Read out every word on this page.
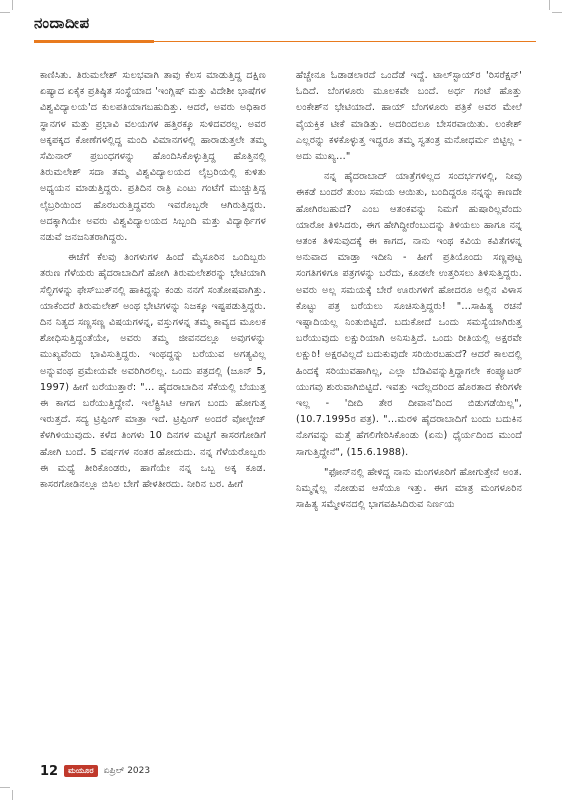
ನಂದಾದೀಪ

ಕಾಣಿಸಿತು. ತಿರುಮಲೇಶ್ ಸುಲಭವಾಗಿ ತಾವು ಕೆಲಸ ಮಾಡುತ್ತಿದ್ದ ದಕ್ಷಿಣ ಏಷ್ಯಾದ ಏಕೈಕ ಪ್ರತಿಷ್ಠಿತ ಸಂಸ್ಥೆಯಾದ 'ಇಂಗ್ಲಿಷ್ ಮತ್ತು ವಿದೇಶೀ ಭಾಷೆಗಳ ವಿಶ್ವವಿದ್ಯಾಲಯ'ದ ಕುಲಪತಿಯಾಗಬಹುದಿತ್ತು. ಆದರೆ, ಅವರು ಅಧಿಕಾರ ಸ್ಥಾನಗಳ ಮತ್ತು ಪ್ರಭಾವಿ ವಲಯಗಳ ಹತ್ತಿರಕ್ಕೂ ಸುಳಿದವರಲ್ಲ. ಅವರ ಅಕ್ಕಪಕ್ಕದ ಕೋಣೆಗಳಲ್ಲಿದ್ದ ಮಂದಿ ವಿಮಾನಗಳಲ್ಲಿ ಹಾರಾಡುತ್ತಲೇ ತಮ್ಮ ಸೆಮಿನಾರ್ ಪ್ರಬಂಧಗಳನ್ನು ಹೊಂದಿಸಿಕೊಳ್ಳುತ್ತಿದ್ದ ಹೊತ್ತಿನಲ್ಲಿ ತಿರುಮಲೇಶ್ ಸದಾ ತಮ್ಮ ವಿಶ್ವವಿದ್ಯಾಲಯದ ಲೈಬ್ರರಿಯಲ್ಲಿ ಕುಳಿತು ಅಧ್ಯಯನ ಮಾಡುತ್ತಿದ್ದರು. ಪ್ರತಿದಿನ ರಾತ್ರಿ ಎಂಟು ಗಂಟೆಗೆ ಮುಚ್ಚುತ್ತಿದ್ದ ಲೈಬ್ರರಿಯಿಂದ ಹೊರಬರುತ್ತಿದ್ದವರು ಇವರೊಬ್ಬರೇ ಆಗಿರುತ್ತಿದ್ದರು. ಅದಕ್ಕಾಗಿಯೇ ಅವರು ವಿಶ್ವವಿದ್ಯಾಲಯದ ಸಿಬ್ಬಂದಿ ಮತ್ತು ವಿದ್ಯಾರ್ಥಿಗಳ ನಡುವೆ ಜನಜನಿತರಾಗಿದ್ದರು.

ಈಚೆಗೆ ಕೆಲವು ತಿಂಗಳುಗಳ ಹಿಂದೆ ಮೈಸೂರಿನ ಒಂದಿಬ್ಬರು ತರುಣ ಗೆಳೆಯರು ಹೈದರಾಬಾದಿಗೆ ಹೋಗಿ ತಿರುಮಲೇಶರನ್ನು ಭೇಟಿಯಾಗಿ ಸೆಲ್ಫಿಗಳನ್ನು ಫೇಸ್‌ಬುಕ್‌ನಲ್ಲಿ ಹಾಕಿದ್ದನ್ನು ಕಂಡು ನನಗೆ ಸಂತೋಷವಾಗಿತ್ತು. ಯಾಕೆಂದರೆ ತಿರುಮಲೇಶ್ ಅಂಥ ಭೇಟಿಗಳನ್ನು ನಿಜಕ್ಕೂ ಇಷ್ಟಪಡುತ್ತಿದ್ದರು. ದಿನ ನಿತ್ಯದ ಸಣ್ಣಸಣ್ಣ ವಿಷಯಗಳನ್ನ, ವಸ್ತುಗಳನ್ನ ತಮ್ಮ ಕಾವ್ಯದ ಮೂಲಕ ಶೋಧಿಸುತ್ತಿದ್ದಂತೆಯೇ, ಅವರು ತಮ್ಮ ಜೀವನದಲ್ಲೂ ಅವುಗಳನ್ನು ಮುಖ್ಯವೆಂದು ಭಾವಿಸುತ್ತಿದ್ದರು. ಇಂಥದ್ದನ್ನು ಬರೆಯುವ ಅಗತ್ಯವಿಲ್ಲ ಅನ್ನುವಂಥ ಪ್ರಮೇಯವೇ ಅವರಿಗಿರಲಿಲ್ಲ. ಒಂದು ಪತ್ರದಲ್ಲಿ (ಜೂನ್ 5, 1997) ಹೀಗೆ ಬರೆಯುತ್ತಾರೆ: "... ಹೈದರಾಬಾದಿನ ಸೆಕೆಯಲ್ಲಿ ಬೆಯುತ್ತ ಈ ಕಾಗದ ಬರೆಯುತ್ತಿದ್ದೇನೆ. ಇಲೆಕ್ಟ್ರಿಸಿಟಿ ಆಗಾಗ ಬಂದು ಹೋಗುತ್ತ ಇರುತ್ತದೆ. ಸದ್ಯ ಟ್ರಿಪ್ಪಿಂಗ್ ಮಾತ್ರಾ ಇದೆ. ಟ್ರಿಪ್ಪಿಂಗ್ ಅಂದರೆ ವೋಲ್ಟೇಜ್ ಕೆಳಗಿಳಿಯುವುದು. ಕಳೆದ ತಿಂಗಳು 10 ದಿನಗಳ ಮಟ್ಟಿಗೆ ಕಾಸರಗೋಡಿಗೆ ಹೋಗಿ ಬಂದೆ. 5 ವರ್ಷಗಳ ನಂತರ ಹೋದುದು. ನನ್ನ ಗೆಳೆಯರೊಬ್ಬರು ಈ ಮಧ್ಯೆ ತೀರಿಕೊಂಡರು, ಹಾಗೆಯೇ ನನ್ನ ಒಬ್ಬ ಅಕ್ಕ ಕೂಡ. ಕಾಸರಗೋಡಿನಲ್ಲೂ ಬಿಸಿಲ ಬೇಗೆ ಹೇಳತೀರದು. ನೀರಿನ ಬರ. ಹೀಗೆ

ಹೆಚ್ಚೇನೂ ಓಡಾಡಲಾರದೆ ಒಂದೆಡೆ ಇದ್ದೆ. ಟಾಲ್‌ಸ್ಟಾಯ್‌ರ 'ರಿಸರೆಕ್ಷನ್' ಓದಿದೆ. ಬೆಂಗಳೂರು ಮೂಲಕವೇ ಬಂದೆ. ಅರ್ಧ ಗಂಟೆ ಹೊತ್ತು ಲಂಕೇಶ್‌ನ ಭೇಟಿಯಾದೆ. ಹಾಯ್ ಬೆಂಗಳೂರು ಪತ್ರಿಕೆ ಅವರ ಮೇಲೆ ವೈಯಕ್ತಿಕ ಟೀಕೆ ಮಾಡಿತ್ತು. ಅದರಿಂದಲೂ ಬೇಸರವಾಯಿತು. ಲಂಕೇಶ್ ಎಲ್ಲರನ್ನು ಕಳಕೊಳ್ಳುತ್ತ ಇದ್ದರೂ ತಮ್ಮ ಸ್ವತಂತ್ರ ಮನೋಧರ್ಮ ಬಿಟ್ಟಿಲ್ಲ - ಅದು ಮುಖ್ಯ..."

ನನ್ನ ಹೈದರಾಬಾದ್ ಯಾತ್ರೆಗಳಿಲ್ಲದ ಸಂದರ್ಭಗಳಲ್ಲಿ, ನೀವು ಈಕಡೆ ಬಂದರೆ ತುಂಬ ಸಮಯ ಆಯಿತು, ಬಂದಿದ್ದರೂ ನನ್ನನ್ನು ಕಾಣದೇ ಹೋಗಿರಬಹುದೆ? ಎಂಬ ಆತಂಕವನ್ನು ನಿಮಗೆ ಹುಷಾರಿಲ್ಲವೆಂದು ಯಾರೋ ತಿಳಿಸಿದರು, ಈಗ ಹೇಗಿದ್ದೀರೆಂಬುದನ್ನು ತಿಳಿಯಲು ಹಾಗೂ ನನ್ನ ಆತಂಕ ತಿಳಿಸುವುದಕ್ಕೆ ಈ ಕಾಗದ, ನಾನು ಇಂಥ ಕವಿಯ ಕವಿತೆಗಳನ್ನ ಅನುವಾದ ಮಾಡ್ತಾ ಇದೀನಿ - ಹೀಗೆ ಪ್ರತಿಯೊಂದು ಸಣ್ಣಪುಟ್ಟ ಸಂಗತಿಗಳಿಗೂ ಪತ್ರಗಳನ್ನು ಬರೆದು, ಕೂಡಲೇ ಉತ್ತರಿಸಲು ತಿಳಿಸುತ್ತಿದ್ದರು. ಅವರು ಅಲ್ಲ ಸಮಯಕ್ಕೆ ಬೇರೆ ಊರುಗಳಿಗೆ ಹೋದರೂ ಅಲ್ಲಿನ ವಿಳಾಸ ಕೊಟ್ಟು ಪತ್ರ ಬರೆಯಲು ಸೂಚಿಸುತ್ತಿದ್ದರು! "...ಸಾಹಿತ್ಯ ರಚನೆ ಇಷ್ಟಾದಿಯಲ್ಲ ನಿಂತುಬಿಟ್ಟಿದೆ. ಬದುಕೋದೆ ಒಂದು ಸಮಸ್ಯೆಯಾಗಿರುತ್ತ ಬರೆಯುವುದು ಲಕ್ಷುರಿಯಾಗಿ ಅನಿಸುತ್ತಿದೆ. ಒಂದು ರೀತಿಯಲ್ಲಿ ಅಕ್ಷರವೇ ಲಕ್ಷುರಿ! ಅಕ್ಷರವಿಲ್ಲದೆ ಬದುಕುವುದೇ ಸರಿಯಿರಬಹುದೆ? ಆದರೆ ಕಾಲದಲ್ಲಿ ಹಿಂದಕ್ಕೆ ಸರಿಯುವಹಾಗಿಲ್ಲ, ಎಲ್ಲಾ ಬೆಡಿವಿವನ್ನುತ್ತಿದ್ದಾಗಲೇ ಕಂಪ್ಯೂಟರ್ ಯುಗವು ಶುರುವಾಗಿಬಿಟ್ಟಿದೆ. ಇವತ್ತು ಇದೆಲ್ಲದರಿಂದ ಹೊರತಾದ ಕೇರಿಗಳೇ ಇಲ್ಲ - 'ದೀದಿ ತೇರ ದೀವಾನ'ದಿಂದ ಬಿಡುಗಡೆಯಿಲ್ಲ", (10.7.1995ರ ಪತ್ರ). "...ಮರಳಿ ಹೈದರಾಬಾದಿಗೆ ಬಂದು ಬದುಕಿನ ನೊಗವನ್ನು ಮತ್ತೆ ಹೆಗಲಿಗೇರಿಸಿಕೊಂಡು (ಏನು) ಧೈರ್ಯದಿಂದ ಮುಂದೆ ಸಾಗುತ್ತಿದ್ದೇನೆ", (15.6.1988).

"ಫೋನ್‌ನಲ್ಲಿ ಹೇಳಿದ್ದ ನಾನು ಮಂಗಳೂರಿಗೆ ಹೋಗುತ್ತೇನೆ ಅಂತ. ನಿಮ್ಮನ್ನೆಲ್ಲ ನೋಡುವ ಆಸೆಯೂ ಇತ್ತು. ಈಗ ಮಾತ್ರ ಮಂಗಳೂರಿನ ಸಾಹಿತ್ಯ ಸಮ್ಮೇಳನದಲ್ಲಿ ಭಾಗವಹಿಸಿದಿರುವ ನಿರ್ಣಯ

12	ಮಯೂರ	ಏಪ್ರಿಲ್ 2023
